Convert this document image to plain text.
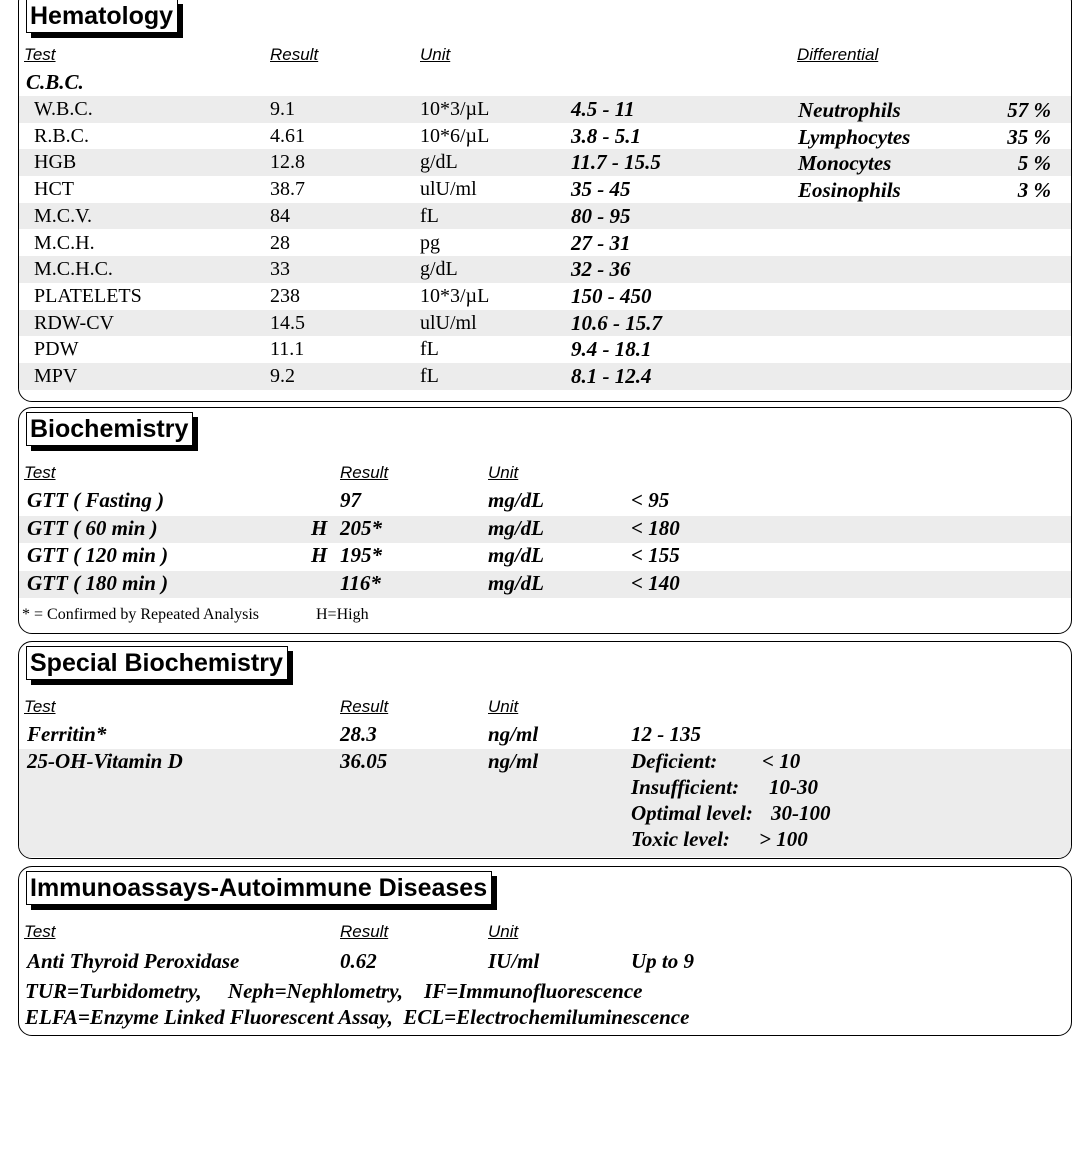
Hematology
Test	Result	Unit	Differential
C.B.C.
W.B.C.	9.1	10*3/µL	4.5 - 11	Neutrophils	57 %
R.B.C.	4.61	10*6/µL	3.8 - 5.1	Lymphocytes	35 %
HGB	12.8	g/dL	11.7 - 15.5	Monocytes	5 %
HCT	38.7	ulU/ml	35 - 45	Eosinophils	3 %
M.C.V.	84	fL	80 - 95
M.C.H.	28	pg	27 - 31
M.C.H.C.	33	g/dL	32 - 36
PLATELETS	238	10*3/µL	150 - 450
RDW-CV	14.5	ulU/ml	10.6 - 15.7
PDW	11.1	fL	9.4 - 18.1
MPV	9.2	fL	8.1 - 12.4
Biochemistry
Test	Result	Unit
* = Confirmed by Repeated Analysis	H=High
GTT ( Fasting )	97	mg/dL	< 95
GTT ( 60 min )	H 205*	mg/dL	< 180
GTT ( 120 min )	H 195*	mg/dL	< 155
GTT ( 180 min )	116*	mg/dL	< 140
Special Biochemistry
Test	Result	Unit
Ferritin*	28.3	ng/ml	12 - 135
25-OH-Vitamin D	36.05	ng/ml	Deficient: < 10
Insufficient: 10-30
Optimal level: 30-100
Toxic level: > 100
Immunoassays-Autoimmune Diseases
Test	Result	Unit
Anti Thyroid Peroxidase	0.62	IU/ml	Up to 9
TUR=Turbidometry,     Neph=Nephlometry,    IF=Immunofluorescence
ELFA=Enzyme Linked Fluorescent Assay,  ECL=Electrochemiluminescence
